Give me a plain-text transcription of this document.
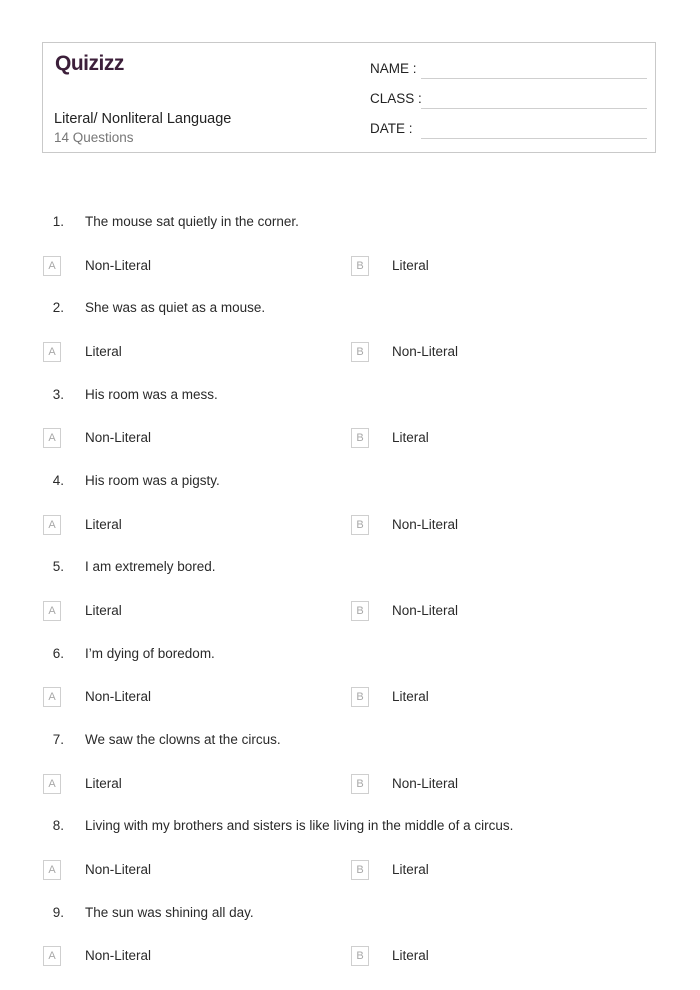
Quizizz
Literal/ Nonliteral Language
14 Questions
NAME :
CLASS :
DATE :
1. The mouse sat quietly in the corner.
A	Non-Literal	B	Literal
2. She was as quiet as a mouse.
A	Literal	B	Non-Literal
3. His room was a mess.
A	Non-Literal	B	Literal
4. His room was a pigsty.
A	Literal	B	Non-Literal
5. I am extremely bored.
A	Literal	B	Non-Literal
6. I’m dying of boredom.
A	Non-Literal	B	Literal
7. We saw the clowns at the circus.
A	Literal	B	Non-Literal
8. Living with my brothers and sisters is like living in the middle of a circus.
A	Non-Literal	B	Literal
9. The sun was shining all day.
A	Non-Literal	B	Literal
